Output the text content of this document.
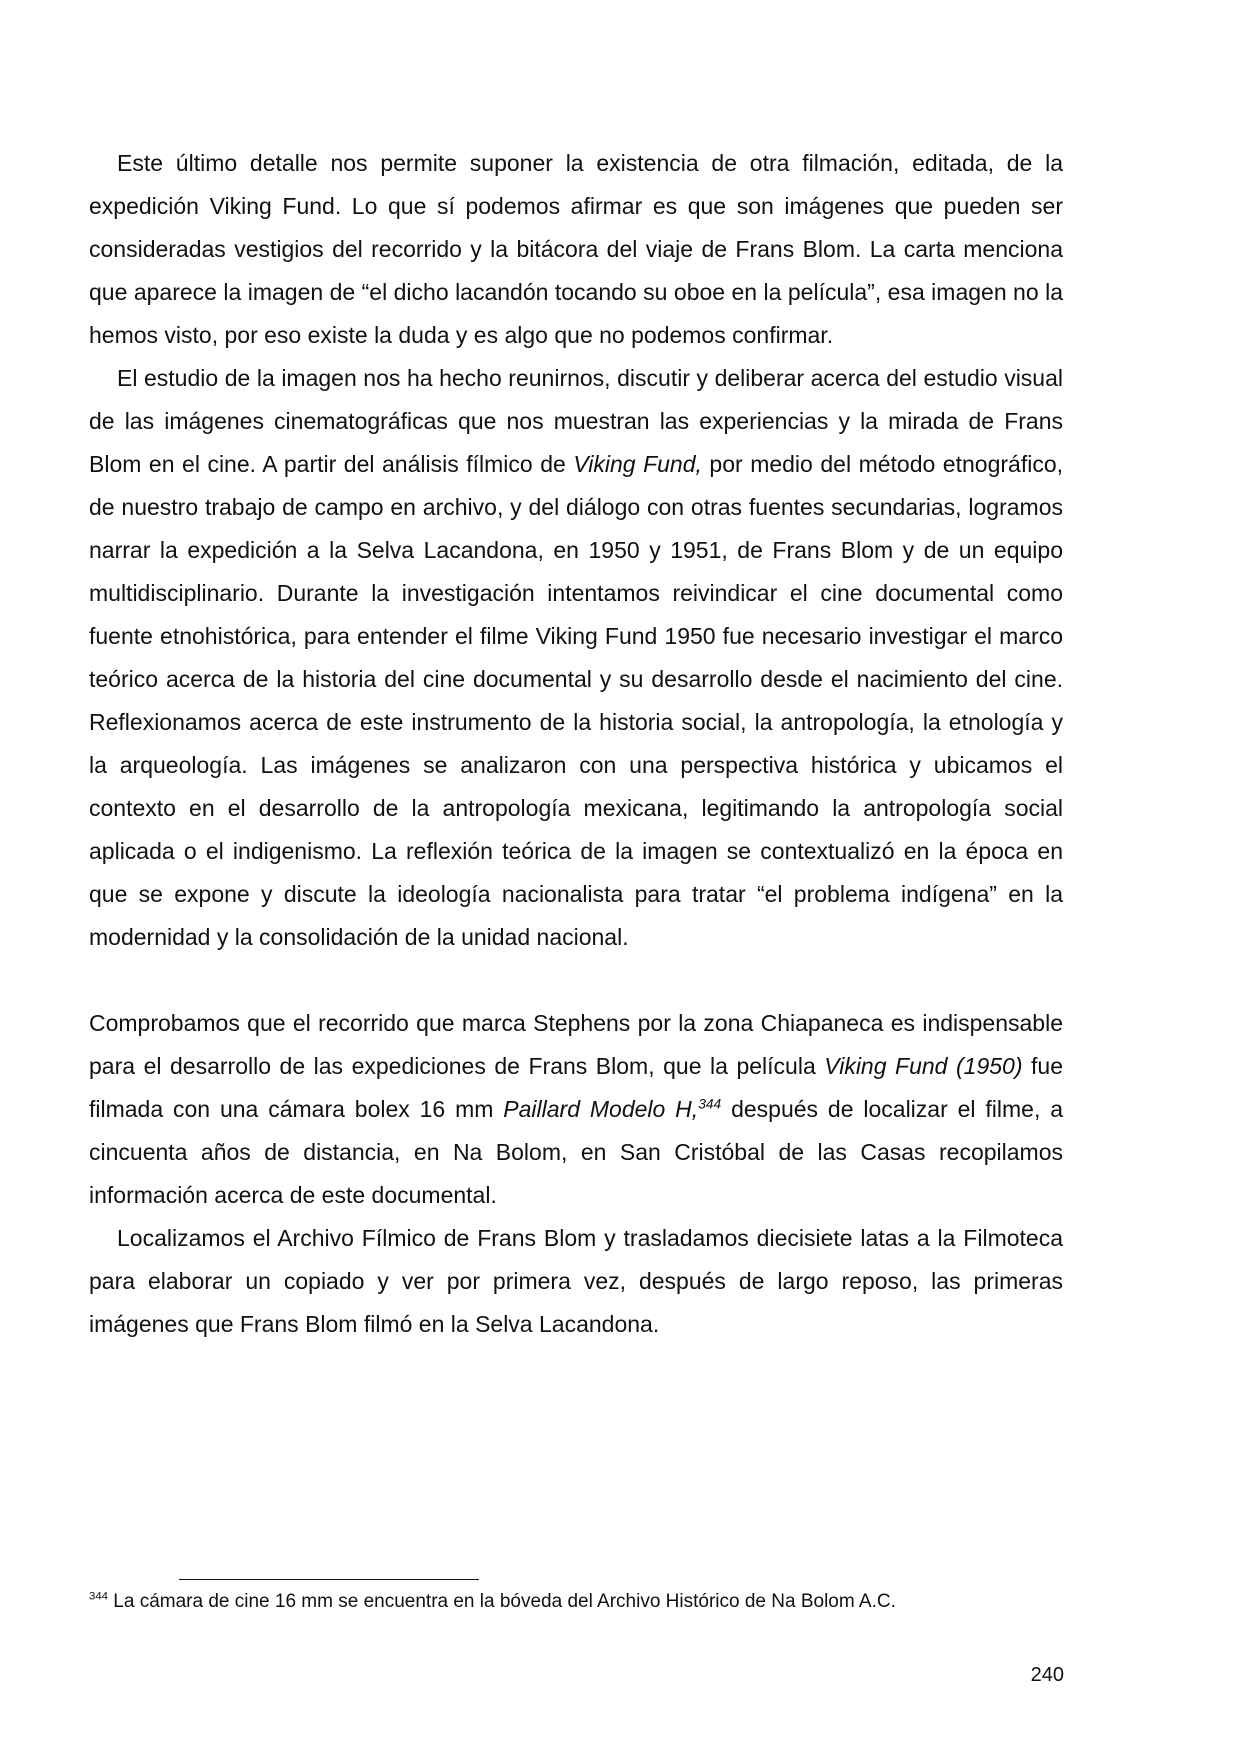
Este último detalle nos permite suponer la existencia de otra filmación, editada, de la expedición Viking Fund. Lo que sí podemos afirmar es que son imágenes que pueden ser consideradas vestigios del recorrido y la bitácora del viaje de Frans Blom. La carta menciona que aparece la imagen de “el dicho lacandón tocando su oboe en la película”, esa imagen no la hemos visto, por eso existe la duda y es algo que no podemos confirmar.

El estudio de la imagen nos ha hecho reunirnos, discutir y deliberar acerca del estudio visual de las imágenes cinematográficas que nos muestran las experiencias y la mirada de Frans Blom en el cine. A partir del análisis fílmico de Viking Fund, por medio del método etnográfico, de nuestro trabajo de campo en archivo, y del diálogo con otras fuentes secundarias, logramos narrar la expedición a la Selva Lacandona, en 1950 y 1951, de Frans Blom y de un equipo multidisciplinario. Durante la investigación intentamos reivindicar el cine documental como fuente etnohistórica, para entender el filme Viking Fund 1950 fue necesario investigar el marco teórico acerca de la historia del cine documental y su desarrollo desde el nacimiento del cine. Reflexionamos acerca de este instrumento de la historia social, la antropología, la etnología y la arqueología. Las imágenes se analizaron con una perspectiva histórica y ubicamos el contexto en el desarrollo de la antropología mexicana, legitimando la antropología social aplicada o el indigenismo. La reflexión teórica de la imagen se contextualizó en la época en que se expone y discute la ideología nacionalista para tratar “el problema indígena” en la modernidad y la consolidación de la unidad nacional.

Comprobamos que el recorrido que marca Stephens por la zona Chiapaneca es indispensable para el desarrollo de las expediciones de Frans Blom, que la película Viking Fund (1950) fue filmada con una cámara bolex 16 mm Paillard Modelo H,$^{344}$ después de localizar el filme, a cincuenta años de distancia, en Na Bolom, en San Cristóbal de las Casas recopilamos información acerca de este documental.

Localizamos el Archivo Fílmico de Frans Blom y trasladamos diecisiete latas a la Filmoteca para elaborar un copiado y ver por primera vez, después de largo reposo, las primeras imágenes que Frans Blom filmó en la Selva Lacandona.

$^{344}$ La cámara de cine 16 mm se encuentra en la bóveda del Archivo Histórico de Na Bolom A.C.
240
